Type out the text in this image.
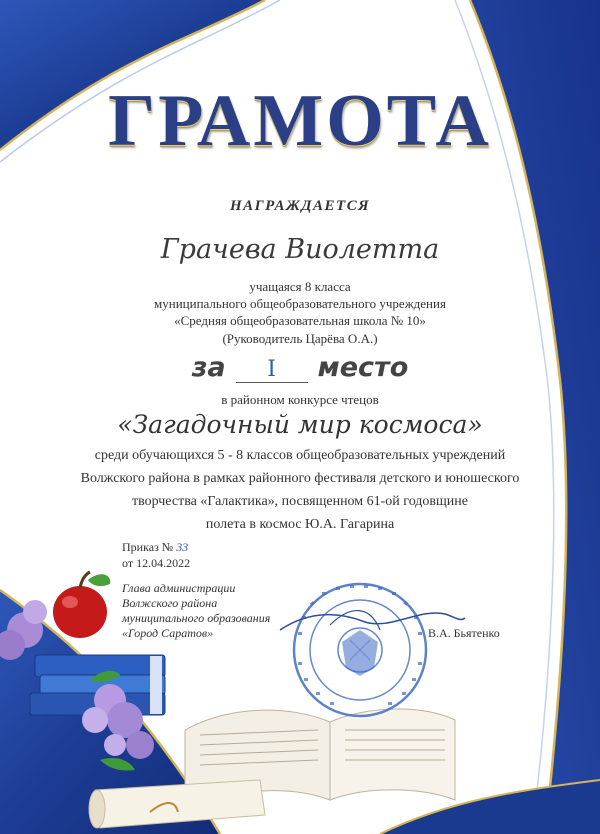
ГРАМОТА
НАГРАЖДАЕТСЯ
Грачева Виолетта
учащаяся 8 класса
муниципального общеобразовательного учреждения
«Средняя общеобразовательная школа № 10»
(Руководитель Царёва О.А.)
за I место
в районном конкурсе чтецов
«Загадочный мир космоса»
среди обучающихся 5 - 8 классов общеобразовательных учреждений
Волжского района в рамках районного фестиваля детского и юношеского
творчества «Галактика», посвященном 61-ой годовщине
полета в космос Ю.А. Гагарина
Приказ № 33
от 12.04.2022
Глава администрации
Волжского района
муниципального образования
«Город Саратов»	В.А. Бьятенко
